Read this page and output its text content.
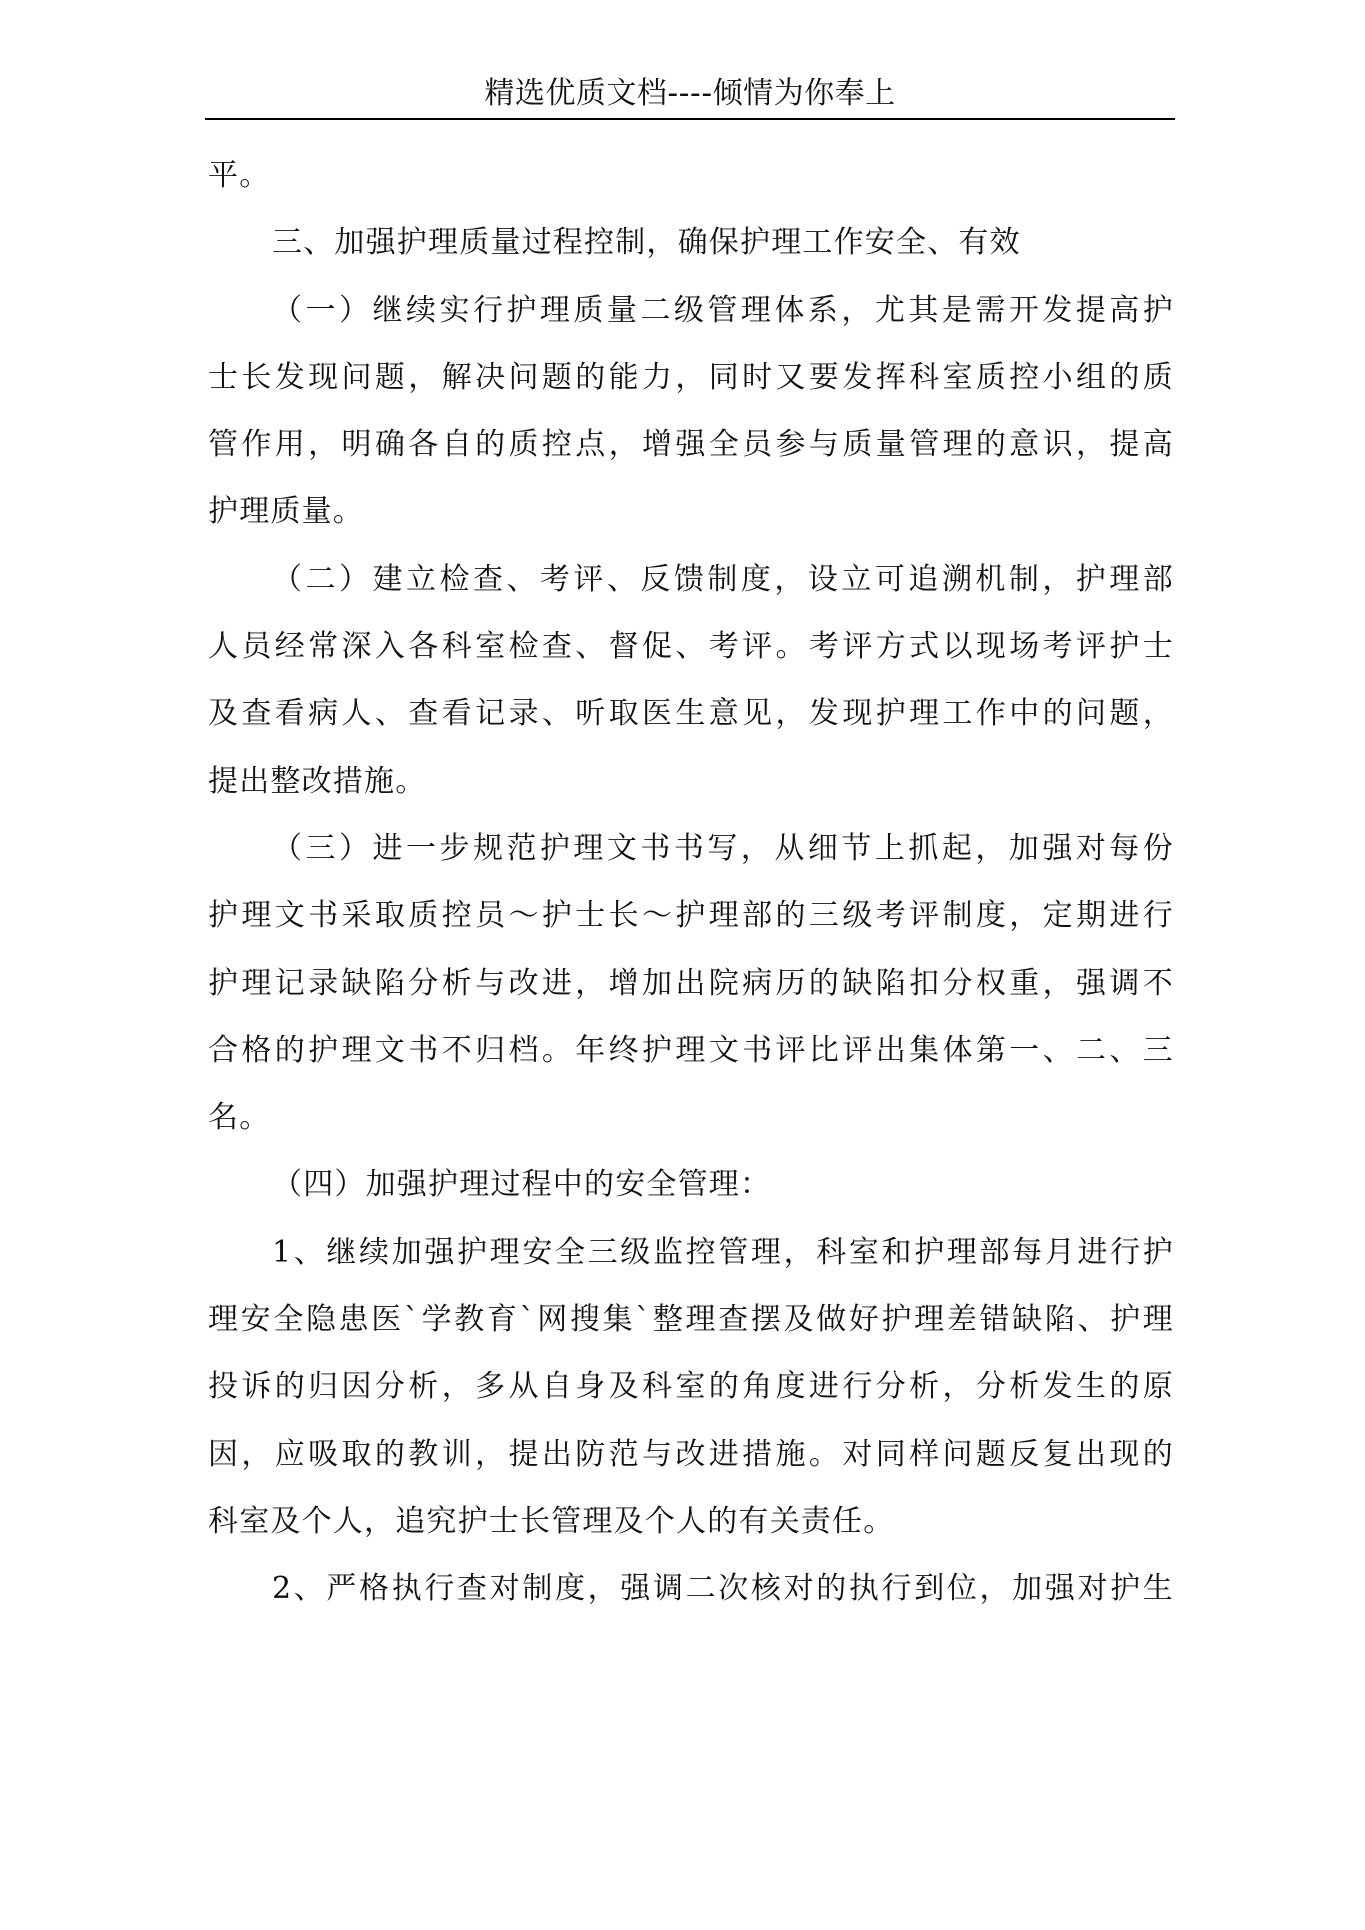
精选优质文档----倾情为你奉上
平。
三、加强护理质量过程控制，确保护理工作安全、有效
（一）继续实行护理质量二级管理体系，尤其是需开发提高护
士长发现问题，解决问题的能力，同时又要发挥科室质控小组的质
管作用，明确各自的质控点，增强全员参与质量管理的意识，提高
护理质量。
（二）建立检查、考评、反馈制度，设立可追溯机制，护理部
人员经常深入各科室检查、督促、考评。考评方式以现场考评护士
及查看病人、查看记录、听取医生意见，发现护理工作中的问题，
提出整改措施。
（三）进一步规范护理文书书写，从细节上抓起，加强对每份
护理文书采取质控员～护士长～护理部的三级考评制度，定期进行
护理记录缺陷分析与改进，增加出院病历的缺陷扣分权重，强调不
合格的护理文书不归档。年终护理文书评比评出集体第一、二、三
名。
（四）加强护理过程中的安全管理：
1、继续加强护理安全三级监控管理，科室和护理部每月进行护
理安全隐患医`学教育`网搜集`整理查摆及做好护理差错缺陷、护理
投诉的归因分析，多从自身及科室的角度进行分析，分析发生的原
因，应吸取的教训，提出防范与改进措施。对同样问题反复出现的
科室及个人，追究护士长管理及个人的有关责任。
2、严格执行查对制度，强调二次核对的执行到位，加强对护生
